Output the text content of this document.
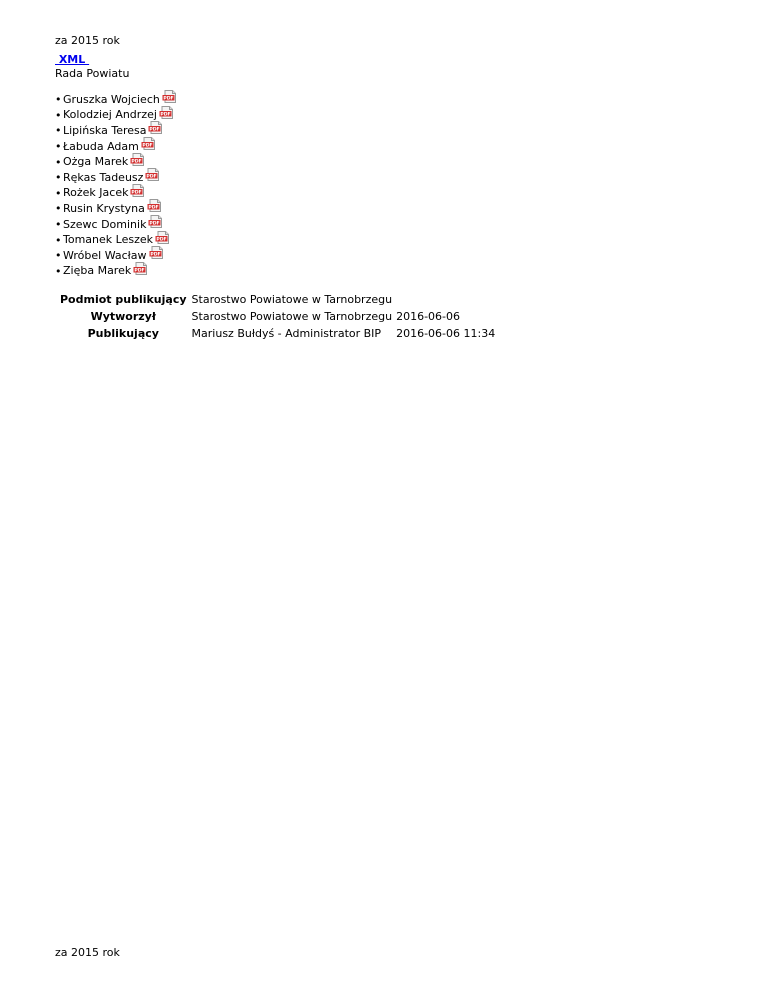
za 2015 rok
XML
Rada Powiatu
• Gruszka Wojciech PDF
• Kolodziej Andrzej PDF
• Lipińska Teresa PDF
• Łabuda Adam PDF
• Ożga Marek PDF
• Rękas Tadeusz PDF
• Rożek Jacek PDF
• Rusin Krystyna PDF
• Szewc Dominik PDF
• Tomanek Leszek PDF
• Wróbel Wacław PDF
• Zięba Marek PDF
Podmiot publikujący	Starostwo Powiatowe w Tarnobrzegu	
Wytworzył	Starostwo Powiatowe w Tarnobrzegu	2016-06-06
Publikujący	Mariusz Bułdyś - Administrator BIP	2016-06-06 11:34
za 2015 rok
